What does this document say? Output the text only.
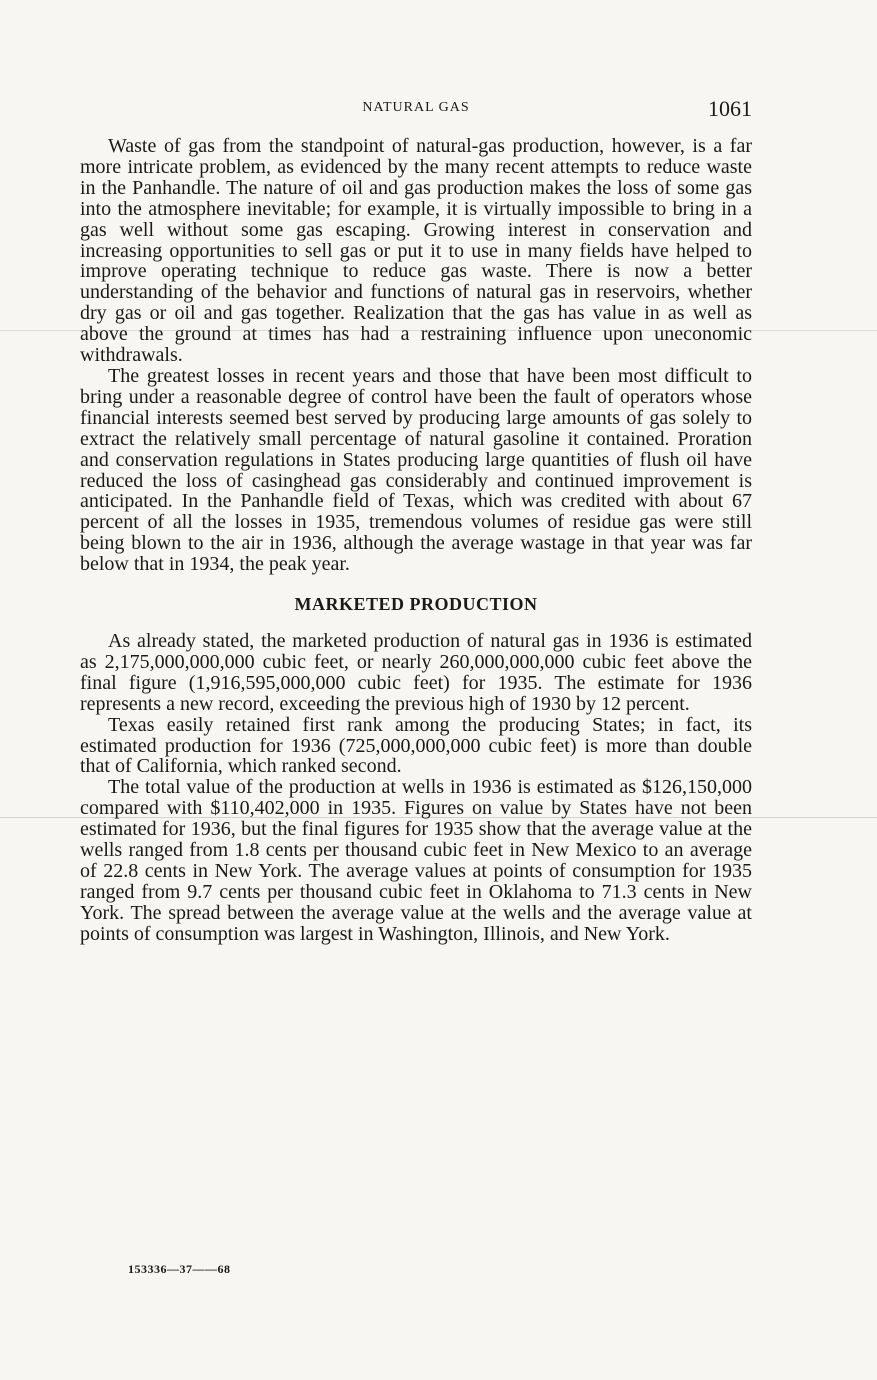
NATURAL GAS	1061

Waste of gas from the standpoint of natural-gas production, however, is a far more intricate problem, as evidenced by the many recent attempts to reduce waste in the Panhandle. The nature of oil and gas production makes the loss of some gas into the atmosphere inevitable; for example, it is virtually impossible to bring in a gas well without some gas escaping. Growing interest in conservation and increasing opportunities to sell gas or put it to use in many fields have helped to improve operating technique to reduce gas waste. There is now a better understanding of the behavior and functions of natural gas in reservoirs, whether dry gas or oil and gas together. Realization that the gas has value in as well as above the ground at times has had a restraining influence upon uneconomic withdrawals.

The greatest losses in recent years and those that have been most difficult to bring under a reasonable degree of control have been the fault of operators whose financial interests seemed best served by producing large amounts of gas solely to extract the relatively small percentage of natural gasoline it contained. Proration and conservation regulations in States producing large quantities of flush oil have reduced the loss of casinghead gas considerably and continued improvement is anticipated. In the Panhandle field of Texas, which was credited with about 67 percent of all the losses in 1935, tremendous volumes of residue gas were still being blown to the air in 1936, although the average wastage in that year was far below that in 1934, the peak year.

MARKETED PRODUCTION

As already stated, the marketed production of natural gas in 1936 is estimated as 2,175,000,000,000 cubic feet, or nearly 260,000,000,000 cubic feet above the final figure (1,916,595,000,000 cubic feet) for 1935. The estimate for 1936 represents a new record, exceeding the previous high of 1930 by 12 percent.

Texas easily retained first rank among the producing States; in fact, its estimated production for 1936 (725,000,000,000 cubic feet) is more than double that of California, which ranked second.

The total value of the production at wells in 1936 is estimated as $126,150,000 compared with $110,402,000 in 1935. Figures on value by States have not been estimated for 1936, but the final figures for 1935 show that the average value at the wells ranged from 1.8 cents per thousand cubic feet in New Mexico to an average of 22.8 cents in New York. The average values at points of consumption for 1935 ranged from 9.7 cents per thousand cubic feet in Oklahoma to 71.3 cents in New York. The spread between the average value at the wells and the average value at points of consumption was largest in Washington, Illinois, and New York.

153336—37——68
